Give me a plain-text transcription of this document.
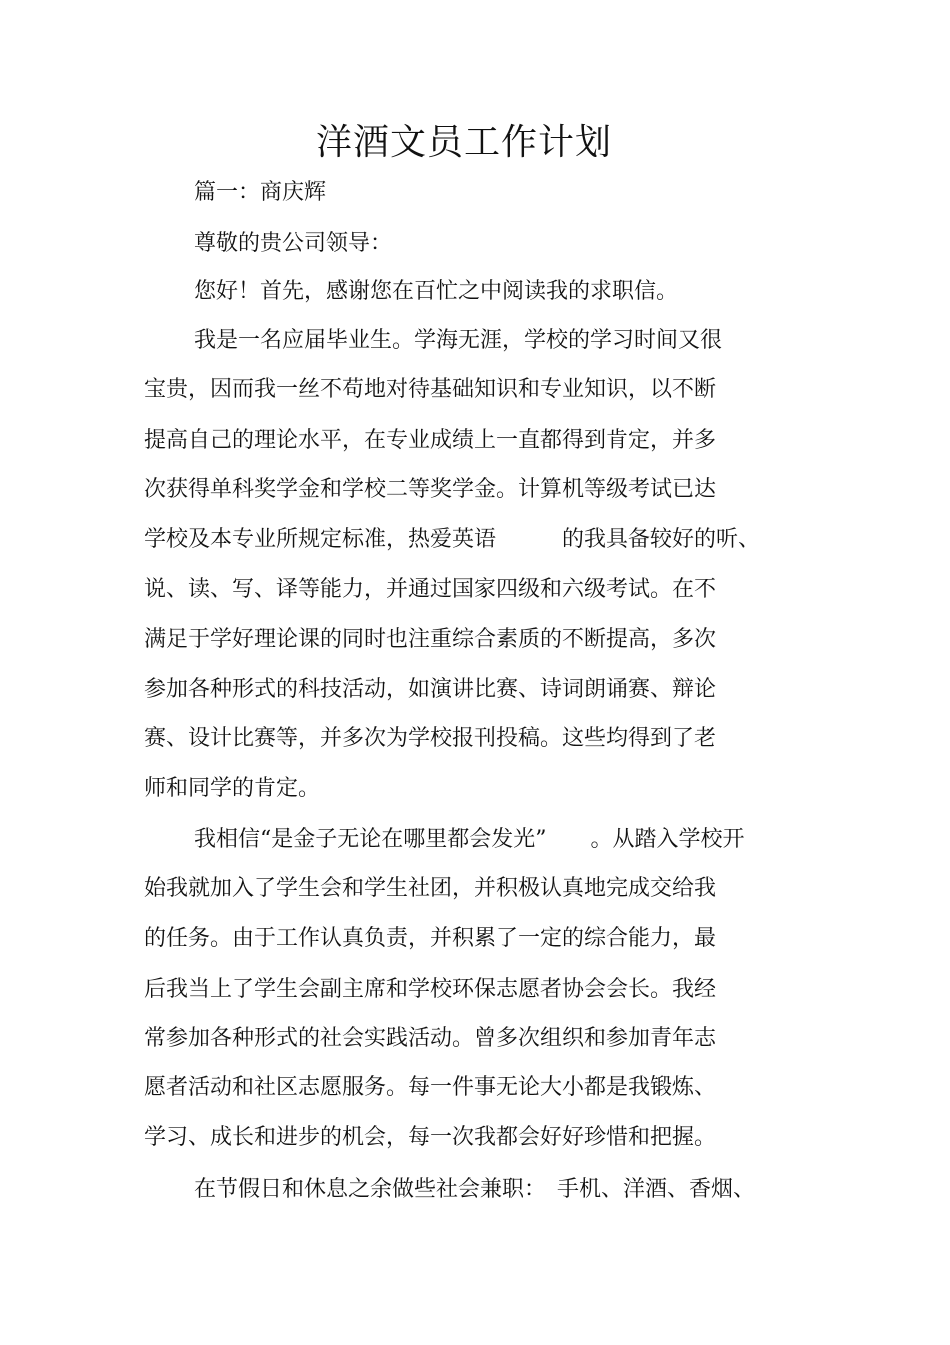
洋酒文员工作计划

篇一：商庆辉

尊敬的贵公司领导：

您好！首先，感谢您在百忙之中阅读我的求职信。

我是一名应届毕业生。学海无涯，学校的学习时间又很

宝贵，因而我一丝不苟地对待基础知识和专业知识，以不断

提高自己的理论水平，在专业成绩上一直都得到肯定，并多

次获得单科奖学金和学校二等奖学金。计算机等级考试已达

学校及本专业所规定标准，热爱英语　　　的我具备较好的听、

说、读、写、译等能力，并通过国家四级和六级考试。在不

满足于学好理论课的同时也注重综合素质的不断提高，多次

参加各种形式的科技活动，如演讲比赛、诗词朗诵赛、辩论

赛、设计比赛等，并多次为学校报刊投稿。这些均得到了老

师和同学的肯定。

我相信“是金子无论在哪里都会发光”　　。从踏入学校开

始我就加入了学生会和学生社团，并积极认真地完成交给我

的任务。由于工作认真负责，并积累了一定的综合能力，最

后我当上了学生会副主席和学校环保志愿者协会会长。我经

常参加各种形式的社会实践活动。曾多次组织和参加青年志

愿者活动和社区志愿服务。每一件事无论大小都是我锻炼、

学习、成长和进步的机会，每一次我都会好好珍惜和把握。

在节假日和休息之余做些社会兼职：　手机、洋酒、香烟、
